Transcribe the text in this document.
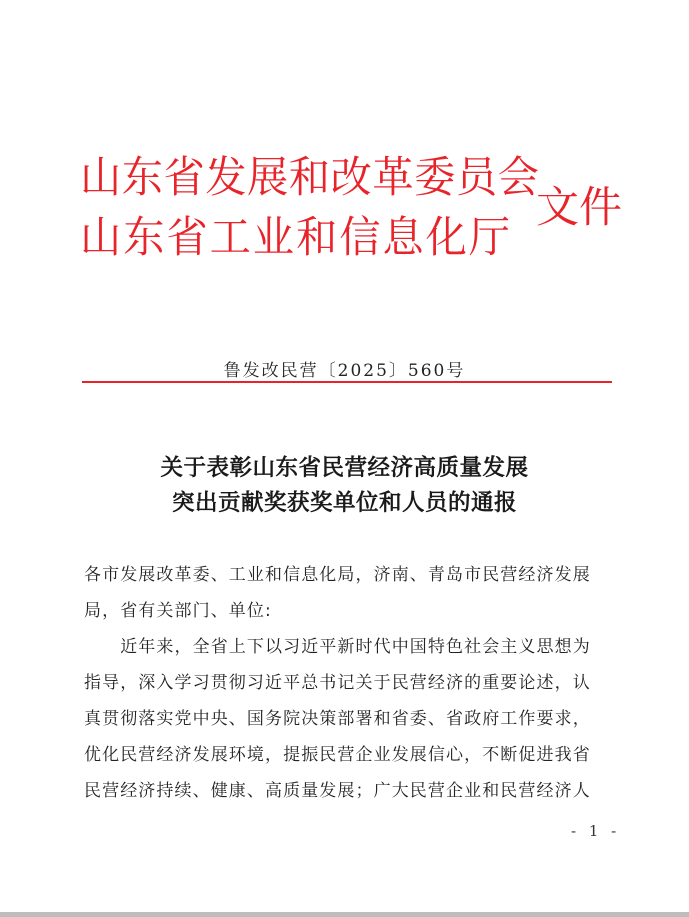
山东省发展和改革委员会
山东省工业和信息化厅
文件
鲁发改民营〔2025〕560号
关于表彰山东省民营经济高质量发展
突出贡献奖获奖单位和人员的通报
各市发展改革委、工业和信息化局，济南、青岛市民营经济发展
局，省有关部门、单位:
　　近年来，全省上下以习近平新时代中国特色社会主义思想为
指导，深入学习贯彻习近平总书记关于民营经济的重要论述，认
真贯彻落实党中央、国务院决策部署和省委、省政府工作要求，
优化民营经济发展环境，提振民营企业发展信心，不断促进我省
民营经济持续、健康、高质量发展；广大民营企业和民营经济人
- 1 -
